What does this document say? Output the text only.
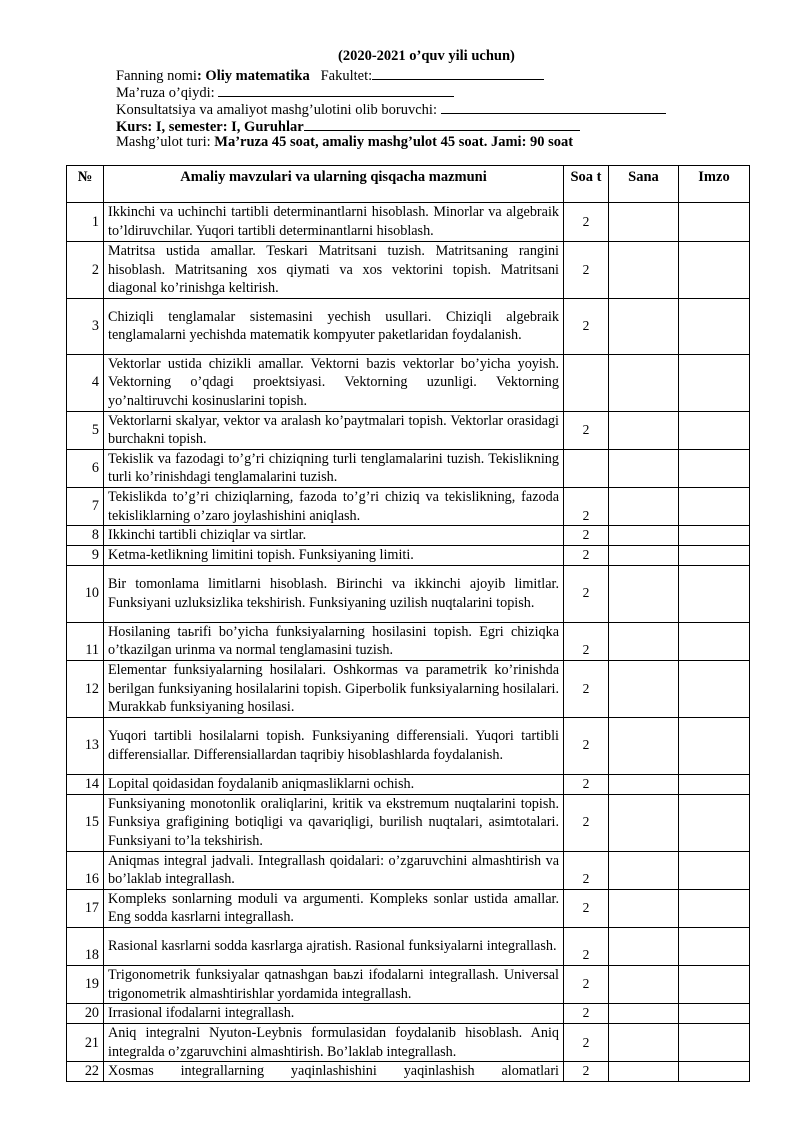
(2020-2021 o’quv yili uchun)
Fanning nomi: Oliy matematika Fakultet:
Ma’ruza o’qiydi:
Konsultatsiya va amaliyot mashg’ulotini olib boruvchi:
Kurs: I, semester: I, Guruhlar
Mashg’ulot turi: Ma’ruza 45 soat, amaliy mashg’ulot 45 soat. Jami: 90 soat
№	Amaliy mavzulari va ularning qisqacha mazmuni	Soa t	Sana	Imzo
1	Ikkinchi va uchinchi tartibli determinantlarni hisoblash. Minorlar va algebraik to’ldiruvchilar. Yuqori tartibli determinantlarni hisoblash.	2		
2	Matritsa ustida amallar. Teskari Matritsani tuzish. Matritsaning rangini hisoblash. Matritsaning xos qiymati va xos vektorini topish. Matritsani diagonal ko’rinishga keltirish.	2		
3	Chiziqli tenglamalar sistemasini yechish usullari. Chiziqli algebraik tenglamalarni yechishda matematik kompyuter paketlaridan foydalanish.	2		
4	Vektorlar ustida chizikli amallar. Vektorni bazis vektorlar bo’yicha yoyish. Vektorning o’qdagi proektsiyasi. Vektorning uzunligi. Vektorning yo’naltiruvchi kosinuslarini topish.			
5	Vektorlarni skalyar, vektor va aralash ko’paytmalari topish. Vektorlar orasidagi burchakni topish.	2		
6	Tekislik va fazodagi to’g’ri chiziqning turli tenglamalarini tuzish. Tekislikning turli ko’rinishdagi tenglamalarini tuzish.			
7	Tekislikda to’g’ri chiziqlarning, fazoda to’g’ri chiziq va tekislikning, fazoda tekisliklarning o’zaro joylashishini aniqlash.	2		
8	Ikkinchi tartibli chiziqlar va sirtlar.	2		
9	Ketma-ketlikning limitini topish. Funksiyaning limiti.	2		
10	Bir tomonlama limitlarni hisoblash. Birinchi va ikkinchi ajoyib limitlar. Funksiyani uzluksizlika tekshirish. Funksiyaning uzilish nuqtalarini topish.	2		
11	Hosilaning taьrifi bo’yicha funksiyalarning hosilasini topish. Egri chiziqka o’tkazilgan urinma va normal tenglamasini tuzish.	2		
12	Elementar funksiyalarning hosilalari. Oshkormas va parametrik ko’rinishda berilgan funksiyaning hosilalarini topish. Giperbolik funksiyalarning hosilalari. Murakkab funksiyaning hosilasi.	2		
13	Yuqori tartibli hosilalarni topish. Funksiyaning differensiali. Yuqori tartibli differensiallar. Differensiallardan taqribiy hisoblashlarda foydalanish.	2		
14	Lopital qoidasidan foydalanib aniqmasliklarni ochish.	2		
15	Funksiyaning monotonlik oraliqlarini, kritik va ekstremum nuqtalarini topish. Funksiya grafigining botiqligi va qavariqligi, burilish nuqtalari, asimtotalari. Funksiyani to’la tekshirish.	2		
16	Aniqmas integral jadvali. Integrallash qoidalari: o’zgaruvchini almashtirish va bo’laklab integrallash.	2		
17	Kompleks sonlarning moduli va argumenti. Kompleks sonlar ustida amallar. Eng sodda kasrlarni integrallash.	2		
18	Rasional kasrlarni sodda kasrlarga ajratish. Rasional funksiyalarni integrallash.	2		
19	Trigonometrik funksiyalar qatnashgan baьzi ifodalarni integrallash. Universal trigonometrik almashtirishlar yordamida integrallash.	2		
20	Irrasional ifodalarni integrallash.	2		
21	Aniq integralni Nyuton-Leybnis formulasidan foydalanib hisoblash. Aniq integralda o’zgaruvchini almashtirish. Bo’laklab integrallash.	2		
22	Xosmas integrallarning yaqinlashishini yaqinlashish alomatlari	2		
